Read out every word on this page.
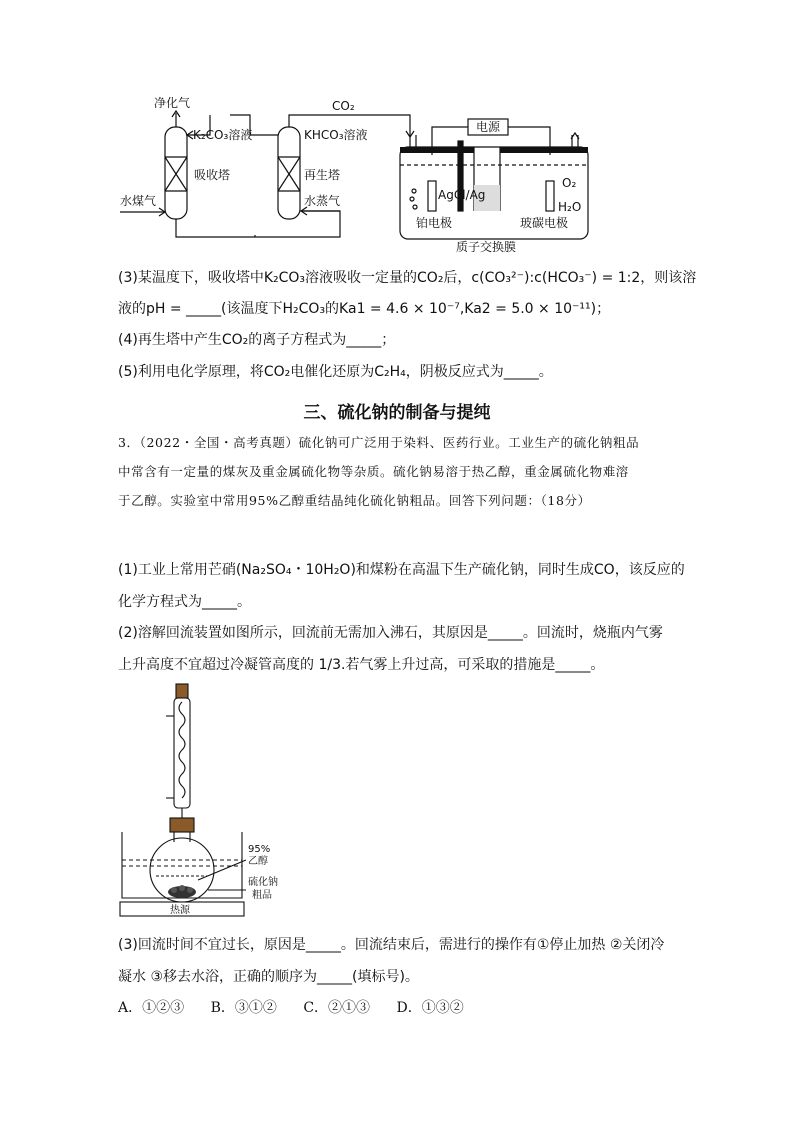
净化气	CO₂
K₂CO₃溶液	KHCO₃溶液
吸收塔	再生塔
水煤气	水蒸气
电源
AgCl/Ag
O₂
H₂O
铂电极	玻碳电极
质子交换膜
(3)某温度下，吸收塔中K₂CO₃溶液吸收一定量的CO₂后，c(CO₃²⁻):c(HCO₃⁻) = 1:2，则该溶
液的pH = _____(该温度下H₂CO₃的Ka1 = 4.6 × 10⁻⁷,Ka2 = 5.0 × 10⁻¹¹)；
(4)再生塔中产生CO₂的离子方程式为_____；
(5)利用电化学原理，将CO₂电催化还原为C₂H₄，阴极反应式为_____。
三、硫化钠的制备与提纯
3．（2022・全国・高考真题）硫化钠可广泛用于染料、医药行业。工业生产的硫化钠粗品
中常含有一定量的煤灰及重金属硫化物等杂质。硫化钠易溶于热乙醇，重金属硫化物难溶
于乙醇。实验室中常用95%乙醇重结晶纯化硫化钠粗品。回答下列问题：（18分）
(1)工业上常用芒硝(Na₂SO₄・10H₂O)和煤粉在高温下生产硫化钠，同时生成CO，该反应的
化学方程式为_____。
(2)溶解回流装置如图所示，回流前无需加入沸石，其原因是_____。回流时，烧瓶内气雾
上升高度不宜超过冷凝管高度的 1/3.若气雾上升过高，可采取的措施是_____。
95%
乙醇
硫化钠
粗品
热源
(3)回流时间不宜过长，原因是_____。回流结束后，需进行的操作有①停止加热 ②关闭冷
凝水 ③移去水浴，正确的顺序为_____(填标号)。
A．①②③ B．③①② C．②①③ D．①③②
